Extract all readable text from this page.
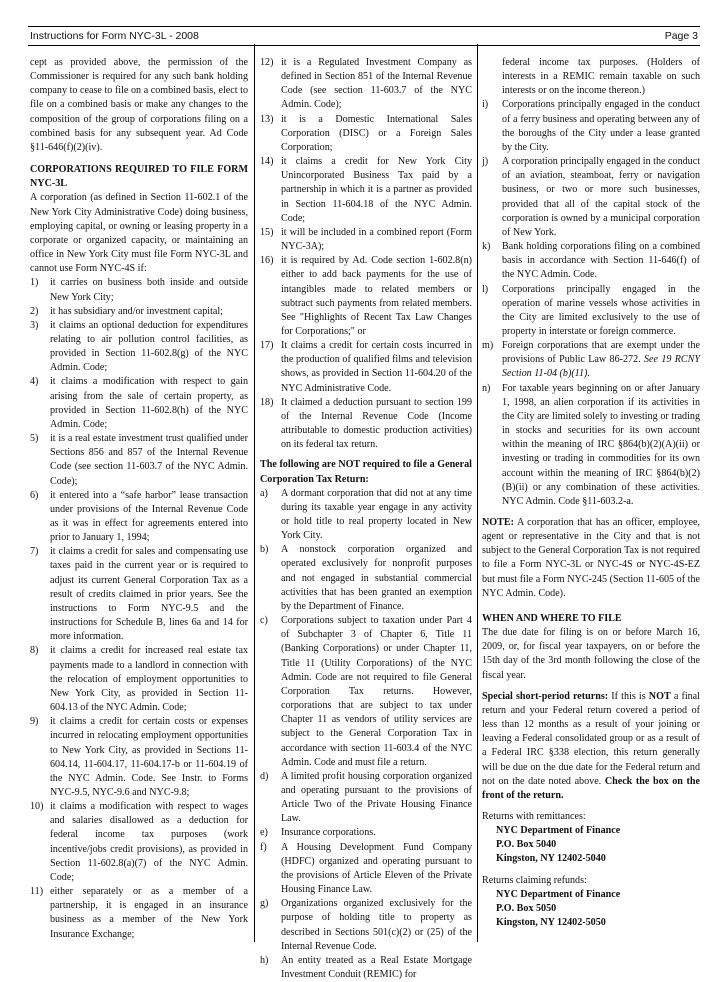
Instructions for Form NYC-3L - 2008	Page 3

cept as provided above, the permission of the Commissioner is required for any such bank holding company to cease to file on a combined basis, elect to file on a combined basis or make any changes to the composition of the group of corporations filing on a combined basis for any subsequent year. Ad Code §11-646(f)(2)(iv).

CORPORATIONS REQUIRED TO FILE FORM NYC-3L

A corporation (as defined in Section 11-602.1 of the New York City Administrative Code) doing business, employing capital, or owning or leasing property in a corporate or organized capacity, or maintaining an office in New York City must file Form NYC-3L and cannot use Form NYC-4S if:

1)	it carries on business both inside and outside New York City;
2)	it has subsidiary and/or investment capital;
3)	it claims an optional deduction for expenditures relating to air pollution control facilities, as provided in Section 11-602.8(g) of the NYC Admin. Code;
4)	it claims a modification with respect to gain arising from the sale of certain property, as provided in Section 11-602.8(h) of the NYC Admin. Code;
5)	it is a real estate investment trust qualified under Sections 856 and 857 of the Internal Revenue Code (see section 11-603.7 of the NYC Admin. Code);
6)	it entered into a “safe harbor” lease transaction under provisions of the Internal Revenue Code as it was in effect for agreements entered into prior to January 1, 1994;
7)	it claims a credit for sales and compensating use taxes paid in the current year or is required to adjust its current General Corporation Tax as a result of credits claimed in prior years. See the instructions to Form NYC-9.5 and the instructions for Schedule B, lines 6a and 14 for more information.
8)	it claims a credit for increased real estate tax payments made to a landlord in connection with the relocation of employment opportunities to New York City, as provided in Section 11-604.13 of the NYC Admin. Code;
9)	it claims a credit for certain costs or expenses incurred in relocating employment opportunities to New York City, as provided in Sections 11-604.14, 11-604.17, 11-604.17-b or 11-604.19 of the NYC Admin. Code. See Instr. to Forms NYC-9.5, NYC-9.6 and NYC-9.8;
10) it claims a modification with respect to wages and salaries disallowed as a deduction for federal income tax purposes (work incentive/jobs credit provisions), as provided in Section 11-602.8(a)(7) of the NYC Admin. Code;
11) either separately or as a member of a partnership, it is engaged in an insurance business as a member of the New York Insurance Exchange;
12) it is a Regulated Investment Company as defined in Section 851 of the Internal Revenue Code (see section 11-603.7 of the NYC Admin. Code);
13) it is a Domestic International Sales Corporation (DISC) or a Foreign Sales Corporation;
14) it claims a credit for New York City Unincorporated Business Tax paid by a partnership in which it is a partner as provided in Section 11-604.18 of the NYC Admin. Code;
15) it will be included in a combined report (Form NYC-3A);
16) it is required by Ad. Code section 1-602.8(n) either to add back payments for the use of intangibles made to related members or subtract such payments from related members. See "Highlights of Recent Tax Law Changes for Corporations;" or
17) It claims a credit for certain costs incurred in the production of qualified films and television shows, as provided in Section 11-604.20 of the NYC Administrative Code.
18) It claimed a deduction pursuant to section 199 of the Internal Revenue Code (Income attributable to domestic production activities) on its federal tax return.

The following are NOT required to file a General Corporation Tax Return:

a)	A dormant corporation that did not at any time during its taxable year engage in any activity or hold title to real property located in New York City.
b)	A nonstock corporation organized and operated exclusively for nonprofit purposes and not engaged in substantial commercial activities that has been granted an exemption by the Department of Finance.
c)	Corporations subject to taxation under Part 4 of Subchapter 3 of Chapter 6, Title 11 (Banking Corporations) or under Chapter 11, Title 11 (Utility Corporations) of the NYC Admin. Code are not required to file General Corporation Tax returns. However, corporations that are subject to tax under Chapter 11 as vendors of utility services are subject to the General Corporation Tax in accordance with section 11-603.4 of the NYC Admin. Code and must file a return.
d)	A limited profit housing corporation organized and operating pursuant to the provisions of Article Two of the Private Housing Finance Law.
e)	Insurance corporations.
f)	A Housing Development Fund Company (HDFC) organized and operating pursuant to the provisions of Article Eleven of the Private Housing Finance Law.
g)	Organizations organized exclusively for the purpose of holding title to property as described in Sections 501(c)(2) or (25) of the Internal Revenue Code.
h)	An entity treated as a Real Estate Mortgage Investment Conduit (REMIC) for
federal income tax purposes. (Holders of interests in a REMIC remain taxable on such interests or on the income thereon.)
i)	Corporations principally engaged in the conduct of a ferry business and operating between any of the boroughs of the City under a lease granted by the City.
j)	A corporation principally engaged in the conduct of an aviation, steamboat, ferry or navigation business, or two or more such businesses, provided that all of the capital stock of the corporation is owned by a municipal corporation of New York.
k)	Bank holding corporations filing on a combined basis in accordance with Section 11-646(f) of the NYC Admin. Code.
l)	Corporations principally engaged in the operation of marine vessels whose activities in the City are limited exclusively to the use of property in interstate or foreign commerce.
m) Foreign corporations that are exempt under the provisions of Public Law 86-272. See 19 RCNY Section 11-04 (b)(11).
n)	For taxable years beginning on or after January 1, 1998, an alien corporation if its activities in the City are limited solely to investing or trading in stocks and securities for its own account within the meaning of IRC §864(b)(2)(A)(ii) or investing or trading in commodities for its own account within the meaning of IRC §864(b)(2)(B)(ii) or any combination of these activities. NYC Admin. Code §11-603.2-a.

NOTE: A corporation that has an officer, employee, agent or representative in the City and that is not subject to the General Corporation Tax is not required to file a Form NYC-3L or NYC-4S or NYC-4S-EZ but must file a Form NYC-245 (Section 11-605 of the NYC Admin. Code).

WHEN AND WHERE TO FILE

The due date for filing is on or before March 16, 2009, or, for fiscal year taxpayers, on or before the 15th day of the 3rd month following the close of the fiscal year.

Special short-period returns: If this is NOT a final return and your Federal return covered a period of less than 12 months as a result of your joining or leaving a Federal consolidated group or as a result of a Federal IRC §338 election, this return generally will be due on the due date for the Federal return and not on the date noted above. Check the box on the front of the return.

Returns with remittances:

NYC Department of Finance
P.O. Box 5040
Kingston, NY 12402-5040

Returns claiming refunds:

NYC Department of Finance
P.O. Box 5050
Kingston, NY 12402-5050
